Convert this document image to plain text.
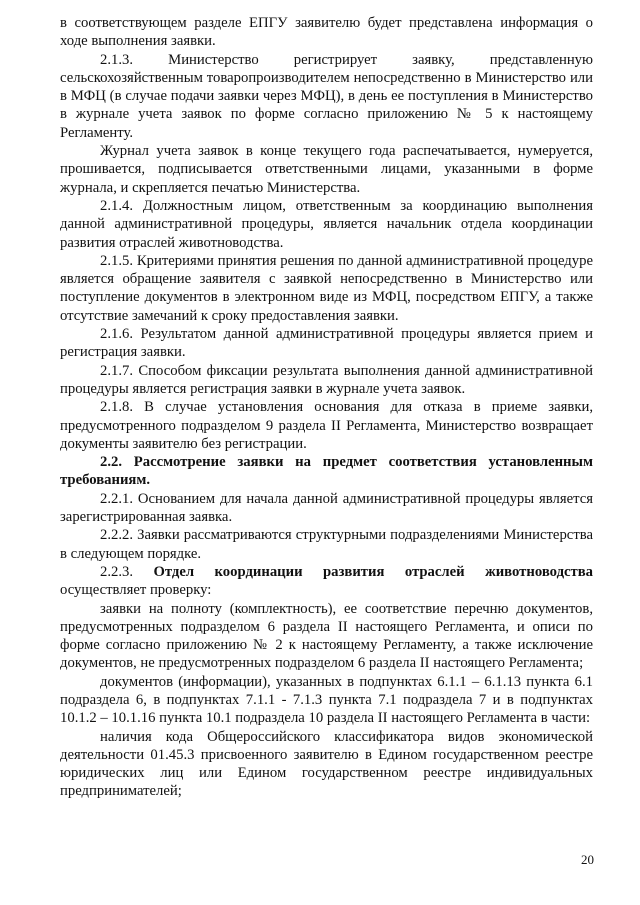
в соответствующем разделе ЕПГУ заявителю будет представлена информация о ходе выполнения заявки.

2.1.3. Министерство регистрирует заявку, представленную сельскохозяйственным товаропроизводителем непосредственно в Министерство или в МФЦ (в случае подачи заявки через МФЦ), в день ее поступления в Министерство в журнале учета заявок по форме согласно приложению № 5 к настоящему Регламенту.

Журнал учета заявок в конце текущего года распечатывается, нумеруется, прошивается, подписывается ответственными лицами, указанными в форме журнала, и скрепляется печатью Министерства.

2.1.4. Должностным лицом, ответственным за координацию выполнения данной административной процедуры, является начальник отдела координации развития отраслей животноводства.

2.1.5. Критериями принятия решения по данной административной процедуре является обращение заявителя с заявкой непосредственно в Министерство или поступление документов в электронном виде из МФЦ, посредством ЕПГУ, а также отсутствие замечаний к сроку предоставления заявки.

2.1.6. Результатом данной административной процедуры является прием и регистрация заявки.

2.1.7. Способом фиксации результата выполнения данной административной процедуры является регистрация заявки в журнале учета заявок.

2.1.8. В случае установления основания для отказа в приеме заявки, предусмотренного подразделом 9 раздела II Регламента, Министерство возвращает документы заявителю без регистрации.

2.2. Рассмотрение заявки на предмет соответствия установленным требованиям.

2.2.1. Основанием для начала данной административной процедуры является зарегистрированная заявка.

2.2.2. Заявки рассматриваются структурными подразделениями Министерства в следующем порядке.

2.2.3. Отдел координации развития отраслей животноводства осуществляет проверку:

заявки на полноту (комплектность), ее соответствие перечню документов, предусмотренных подразделом 6 раздела II настоящего Регламента, и описи по форме согласно приложению № 2 к настоящему Регламенту, а также исключение документов, не предусмотренных подразделом 6 раздела II настоящего Регламента;

документов (информации), указанных в подпунктах 6.1.1 – 6.1.13 пункта 6.1 подраздела 6, в подпунктах 7.1.1 - 7.1.3 пункта 7.1 подраздела 7 и в подпунктах 10.1.2 – 10.1.16 пункта 10.1 подраздела 10 раздела II настоящего Регламента в части:

наличия кода Общероссийского классификатора видов экономической деятельности 01.45.3 присвоенного заявителю в Едином государственном реестре юридических лиц или Едином государственном реестре индивидуальных предпринимателей;

20
